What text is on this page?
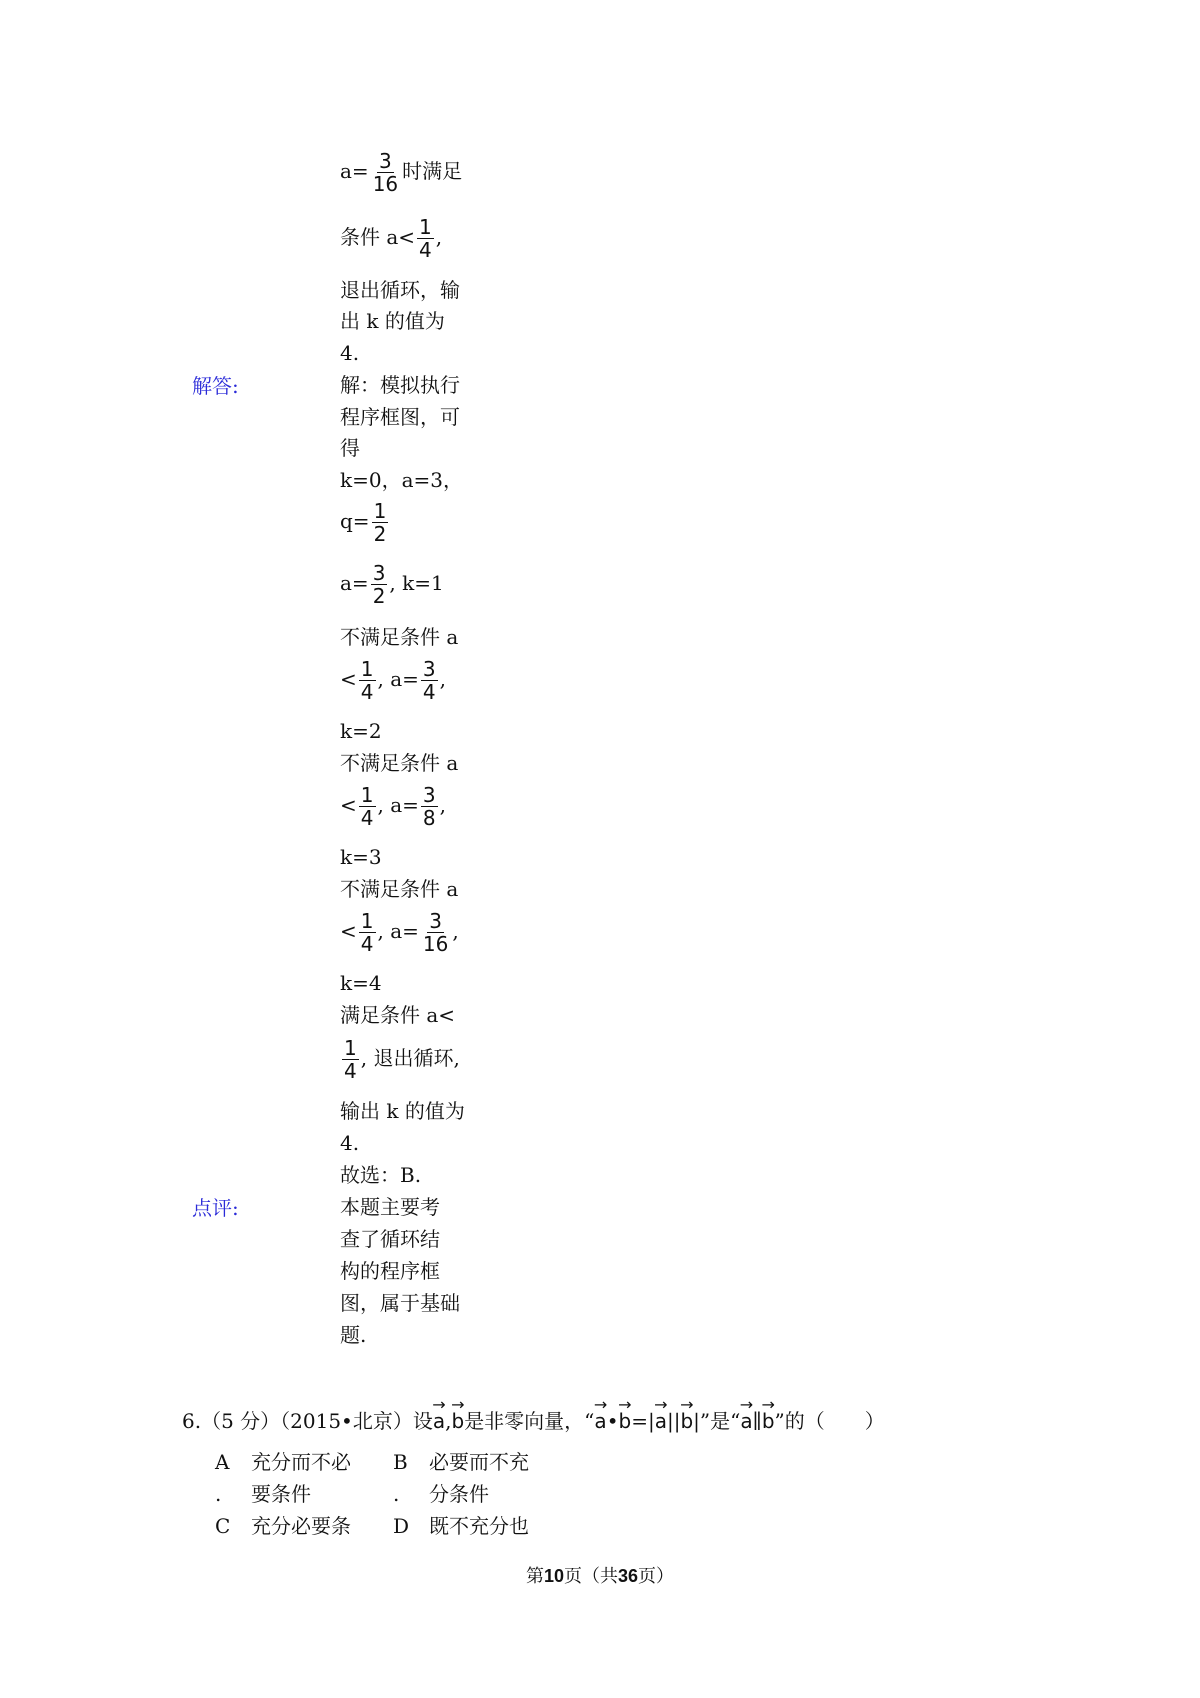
$a= \frac{3}{16}$ 时满足
条件 $a< \frac{1}{4}$ ,
退出循环，输
出 k 的值为
4.
解答:	解：模拟执行
程序框图，可
得
k=0，a=3，
$q= \frac{1}{2}$
$a= \frac{3}{2}$ , k=1
不满足条件 a
< $\frac{1}{4}$ , $a= \frac{3}{4}$ ,
k=2
不满足条件 a
< $\frac{1}{4}$ , $a= \frac{3}{8}$ ,
k=3
不满足条件 a
< $\frac{1}{4}$ , $a= \frac{3}{16}$ ,
k=4
满足条件 a<
$\frac{1}{4}$ , 退出循环,
输出 k 的值为
4.
故选：B.
点评:	本题主要考
查了循环结
构的程序框
图，属于基础
题.
6.（5 分）（2015•北京）设→ a,→ b是非零向量，“→ a•→ b=|→ a||→ b|”是“→ a∥→ b”的（　　）
A	充分而不必	B	必要而不充
.	要条件	.	分条件
C	充分必要条	D 既不充分也
第10页（共36页）
